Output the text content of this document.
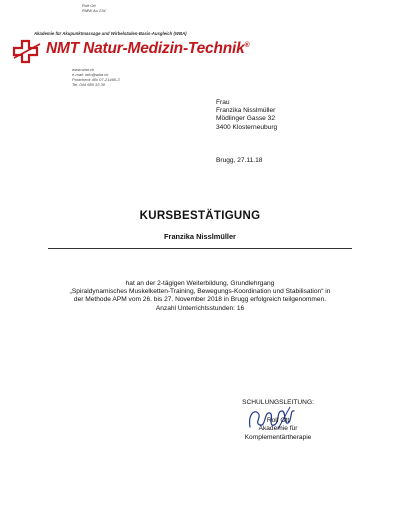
Rolf Ott
RMW Au 234
Akademie für Akupunktmassage und Wirbelsäulen-Basis-Ausgleich (WBA)
NMT Natur-Medizin-Technik®
www.wba.ch
e-mail: info@wba.ch
Postcheck 40x 07-21460-3
Tel. 044 680 33 30
Frau
Franzika Nisslmüller
Mödlinger Gasse 32
3400 Klosterneuburg
Brugg, 27.11.18
KURSBESTÄTIGUNG
Franzika Nisslmüller
hat an der 2-tägigen Weiterbildung, Grundlehrgang
„Spiraldynamisches Muskelketten-Training, Bewegungs-Koordination und Stabilisation“ in
der Methode APM vom 26. bis 27. November 2018 in Brugg erfolgreich teilgenommen.
Anzahl Unterrichtsstunden: 16
SCHULUNGSLEITUNG:
Rolf Ott
Akademie für
Komplementärtherapie
